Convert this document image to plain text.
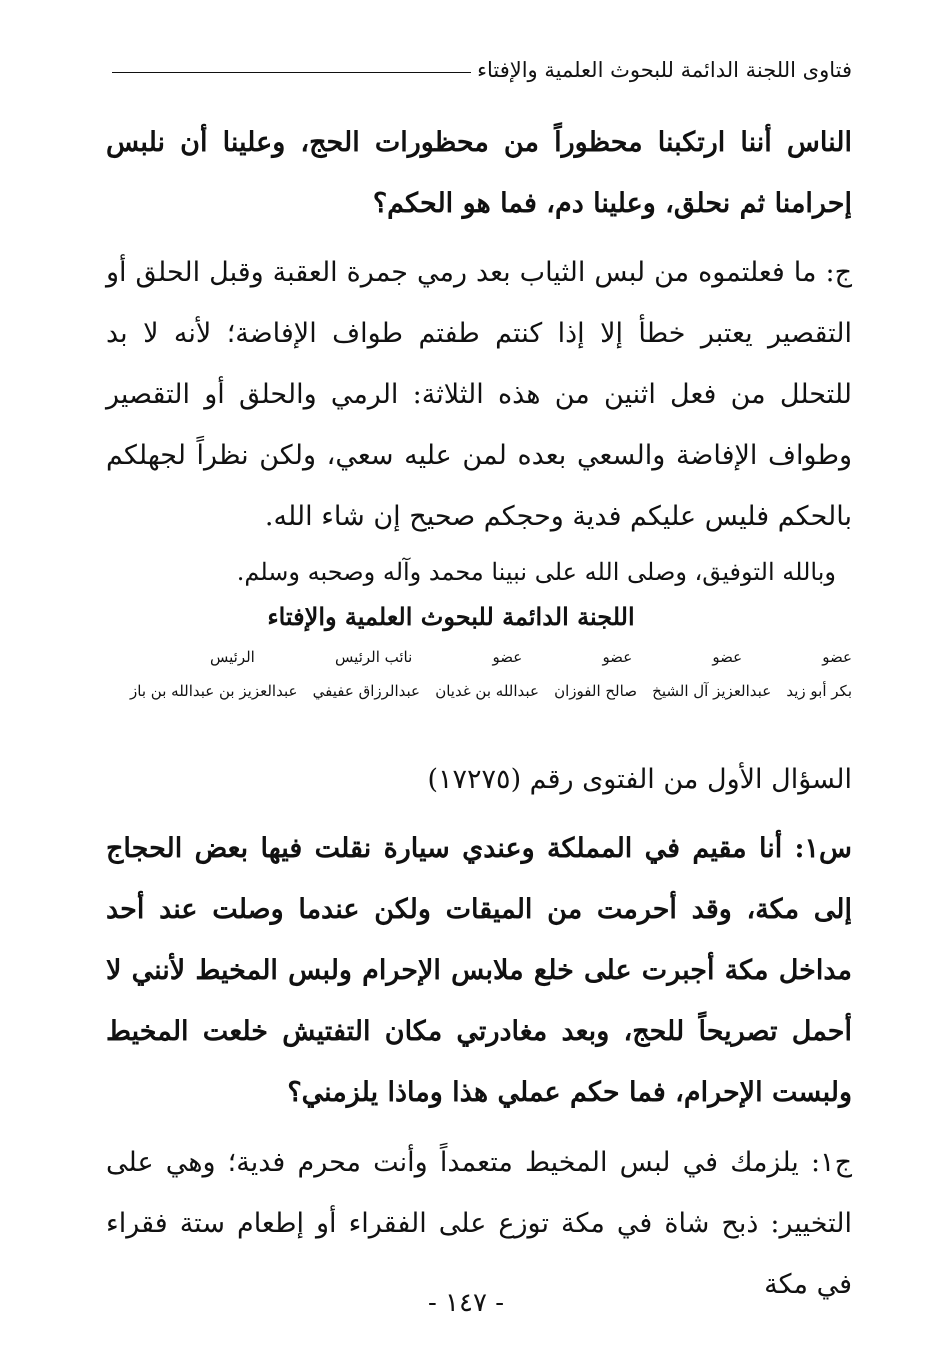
فتاوى اللجنة الدائمة للبحوث العلمية والإفتاء

الناس أننا ارتكبنا محظوراً من محظورات الحج، وعلينا أن نلبس إحرامنا ثم نحلق، وعلينا دم، فما هو الحكم؟

ج: ما فعلتموه من لبس الثياب بعد رمي جمرة العقبة وقبل الحلق أو التقصير يعتبر خطأ إلا إذا كنتم طفتم طواف الإفاضة؛ لأنه لا بد للتحلل من فعل اثنين من هذه الثلاثة: الرمي والحلق أو التقصير وطواف الإفاضة والسعي بعده لمن عليه سعي، ولكن نظراً لجهلكم بالحكم فليس عليكم فدية وحجكم صحيح إن شاء الله.

وبالله التوفيق، وصلى الله على نبينا محمد وآله وصحبه وسلم.

اللجنة الدائمة للبحوث العلمية والإفتاء

عضو
عضو
عضو
عضو
نائب الرئيس
الرئيس
بكر أبو زيد
عبدالعزيز آل الشيخ
صالح الفوزان
عبدالله بن غديان
عبدالرزاق عفيفي
عبدالعزيز بن عبدالله بن باز

السؤال الأول من الفتوى رقم (١٧٢٧٥)

س١: أنا مقيم في المملكة وعندي سيارة نقلت فيها بعض الحجاج إلى مكة، وقد أحرمت من الميقات ولكن عندما وصلت عند أحد مداخل مكة أجبرت على خلع ملابس الإحرام ولبس المخيط لأنني لا أحمل تصريحاً للحج، وبعد مغادرتي مكان التفتيش خلعت المخيط ولبست الإحرام، فما حكم عملي هذا وماذا يلزمني؟

ج١: يلزمك في لبس المخيط متعمداً وأنت محرم فدية؛ وهي على التخيير: ذبح شاة في مكة توزع على الفقراء أو إطعام ستة فقراء في مكة

- ١٤٧ -
